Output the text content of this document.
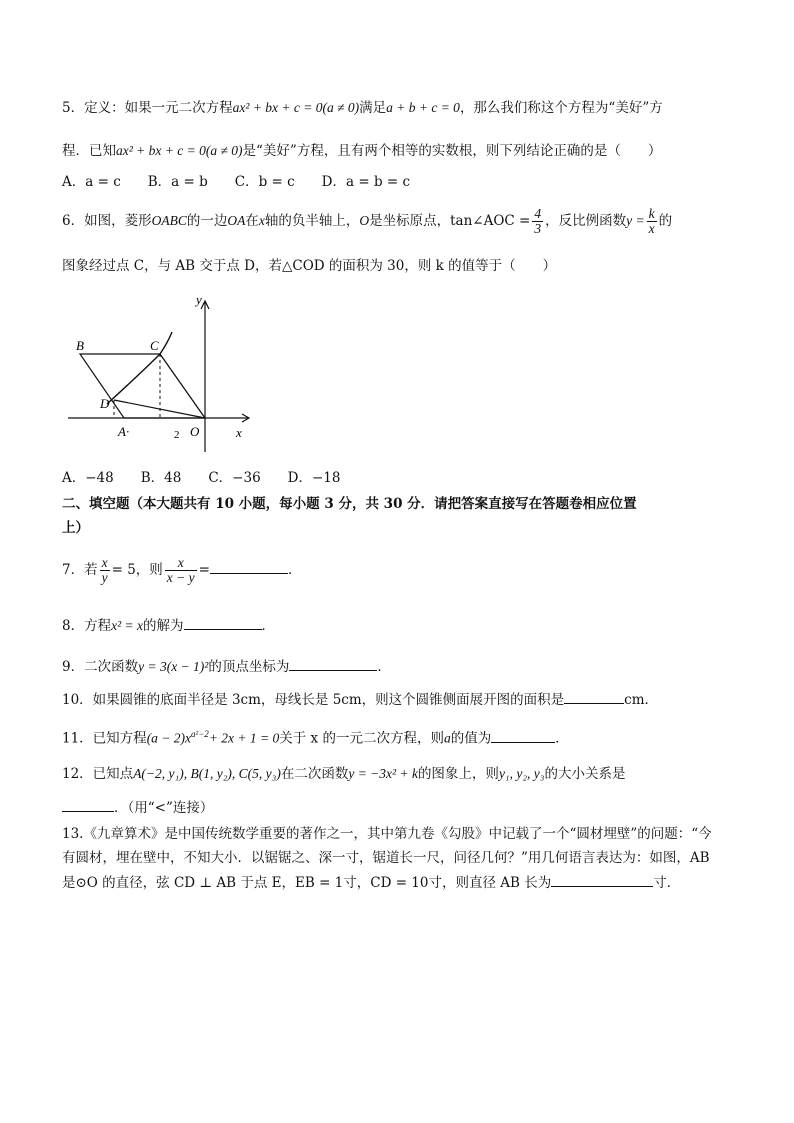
5．定义：如果一元二次方程ax² + bx + c = 0(a ≠ 0)满足a + b + c = 0，那么我们称这个方程为“美好”方
程．已知ax² + bx + c = 0(a ≠ 0)是“美好”方程，且有两个相等的实数根，则下列结论正确的是（　　）
A．a = c　　B．a = b　　C．b = c　　D．a = b = c
6．如图，菱形OABC的一边OA在x轴的负半轴上，O是坐标原点，tan∠AOC = $\frac{4}{3}$ ，反比例函数$y = \frac{k}{x}$ 的
图象经过点 C，与 AB 交于点 D，若△COD 的面积为 30，则 k 的值等于（　　）
y
x
B	C
D
A·	O
2
A．−48　　B．48　　C．−36　　D．−18
二、填空题（本大题共有 10 小题，每小题 3 分，共 30 分．请把答案直接写在答题卷相应位置
上）
7．若 $\frac{x}{y} = 5$，则 $\frac{x}{x - y}$ =	．
8．方程x² = x的解为	．
9．二次函数y = 3(x − 1)²的顶点坐标为	．
10．如果圆锥的底面半径是 3cm，母线长是 5cm，则这个圆锥侧面展开图的面积是	cm．
11．已知方程$(a - 2)x^{a^2-2}+ 2x + 1 = 0$关于 x 的一元二次方程，则a的值为	．
12．已知点A(−2, y₁), B(1, y₂), C(5, y₃)在二次函数y = −3x² + k的图象上，则y₁, y₂, y₃的大小关系是
．（用“<”连接）
13.《九章算术》是中国传统数学重要的著作之一，其中第九卷《勾股》中记载了一个“圆材埋壁”的问题：“今
有圆材，埋在壁中，不知大小．以锯锯之、深一寸，锯道长一尺，问径几何？”用几何语言表达为：如图，AB
是⊙O 的直径，弦 CD ⊥ AB 于点 E，EB = 1寸，CD = 10寸，则直径 AB 长为	寸．
